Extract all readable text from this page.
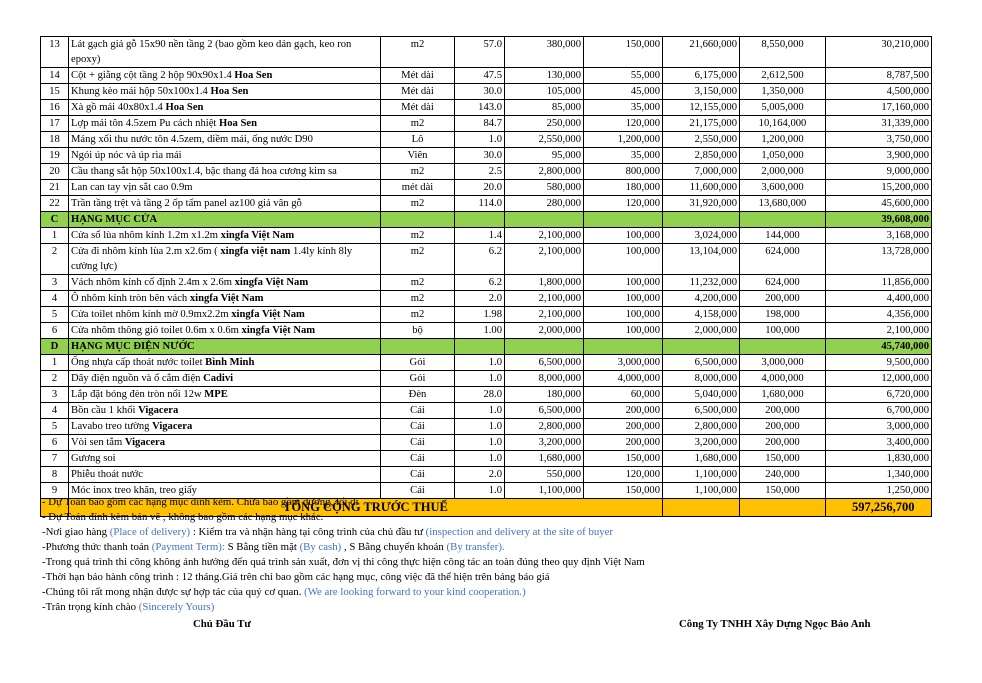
13	Lát gạch giả gỗ 15x90 nền tầng 2 (bao gồm keo dán gạch, keo ron epoxy)	m2	57.0	380,000	150,000	21,660,000	8,550,000	30,210,000
14	Cột + giằng cột tầng 2 hộp 90x90x1.4 Hoa Sen	Mét dài	47.5	130,000	55,000	6,175,000	2,612,500	8,787,500
15	Khung kèo mái hộp 50x100x1.4 Hoa Sen	Mét dài	30.0	105,000	45,000	3,150,000	1,350,000	4,500,000
16	Xà gồ mái 40x80x1.4 Hoa Sen	Mét dài	143.0	85,000	35,000	12,155,000	5,005,000	17,160,000
17	Lợp mái tôn 4.5zem Pu cách nhiệt Hoa Sen	m2	84.7	250,000	120,000	21,175,000	10,164,000	31,339,000
18	Máng xối thu nước tôn 4.5zem, diềm mái, ống nước D90	Lô	1.0	2,550,000	1,200,000	2,550,000	1,200,000	3,750,000
19	Ngói úp nóc và úp rìa mái	Viên	30.0	95,000	35,000	2,850,000	1,050,000	3,900,000
20	Cầu thang sắt hộp 50x100x1.4, bậc thang đá hoa cương kim sa	m2	2.5	2,800,000	800,000	7,000,000	2,000,000	9,000,000
21	Lan can tay vịn sắt cao 0.9m	mét dài	20.0	580,000	180,000	11,600,000	3,600,000	15,200,000
22	Trần tầng trệt và tầng 2 ốp tấm panel az100 giả vân gỗ	m2	114.0	280,000	120,000	31,920,000	13,680,000	45,600,000
C	HẠNG MỤC CỬA							39,608,000
1	Cửa sổ lùa nhôm kính 1.2m x1.2m xingfa Việt Nam	m2	1.4	2,100,000	100,000	3,024,000	144,000	3,168,000
2	Cửa đi nhôm kính lùa 2.m x2.6m ( xingfa việt nam 1.4ly kính 8ly cường lực)	m2	6.2	2,100,000	100,000	13,104,000	624,000	13,728,000
3	Vách nhôm kính cố định 2.4m x 2.6m xingfa Việt Nam	m2	6.2	1,800,000	100,000	11,232,000	624,000	11,856,000
4	Ô nhôm kính tròn bên vách xingfa Việt Nam	m2	2.0	2,100,000	100,000	4,200,000	200,000	4,400,000
5	Cửa toilet nhôm kính mờ 0.9mx2.2m xingfa Việt Nam	m2	1.98	2,100,000	100,000	4,158,000	198,000	4,356,000
6	Cửa nhôm thông gió toilet 0.6m x 0.6m xingfa Việt Nam	bộ	1.00	2,000,000	100,000	2,000,000	100,000	2,100,000
D	HẠNG MỤC ĐIỆN NƯỚC							45,740,000
1	Ống nhựa cấp thoát nước toilet Bình Minh	Gói	1.0	6,500,000	3,000,000	6,500,000	3,000,000	9,500,000
2	Dây điện nguồn và ổ cắm điện Cadivi	Gói	1.0	8,000,000	4,000,000	8,000,000	4,000,000	12,000,000
3	Lắp đặt bóng đèn tròn nổi 12w MPE	Đèn	28.0	180,000	60,000	5,040,000	1,680,000	6,720,000
4	Bồn cầu 1 khối Vigacera	Cái	1.0	6,500,000	200,000	6,500,000	200,000	6,700,000
5	Lavabo treo tường Vigacera	Cái	1.0	2,800,000	200,000	2,800,000	200,000	3,000,000
6	Vòi sen tắm Vigacera	Cái	1.0	3,200,000	200,000	3,200,000	200,000	3,400,000
7	Gương soi	Cái	1.0	1,680,000	150,000	1,680,000	150,000	1,830,000
8	Phiễu thoát nước	Cái	2.0	550,000	120,000	1,100,000	240,000	1,340,000
9	Móc inox treo khăn, treo giấy	Cái	1.0	1,100,000	150,000	1,100,000	150,000	1,250,000
	TỔNG CỘNG TRƯỚC THUẾ							597,256,700
- Dự Toán bao gồm các hạng mục đính kèm. Chưa bao gồm đường, lối đi
- Dự Toán đính kèm bản vẽ , không bao gồm các hạng mục khác.
-Nơi giao hàng (Place of delivery) : Kiểm tra và nhận hàng tại công trình của chủ đầu tư (inspection and delivery at the site of buyer
-Phương thức thanh toán (Payment Term): S Bằng tiền mặt (By cash) , S Bằng chuyển khoản (By transfer).
-Trong quá trình thi công không ảnh hưởng đến quá trình sản xuất, đơn vị thi công thực hiện công tác an toàn đúng theo quy định Việt Nam
-Thời hạn bảo hành công trình : 12 tháng.Giá trên chỉ bao gồm các hạng mục, công việc đã thể hiện trên bảng báo giá
-Chúng tôi rất mong nhận được sự hợp tác của quý cơ quan. (We are looking forward to your kind cooperation.)
-Trân trọng kính chào (Sincerely Yours)
Chủ Đầu Tư	Công Ty TNHH Xây Dựng Ngọc Bảo Anh
